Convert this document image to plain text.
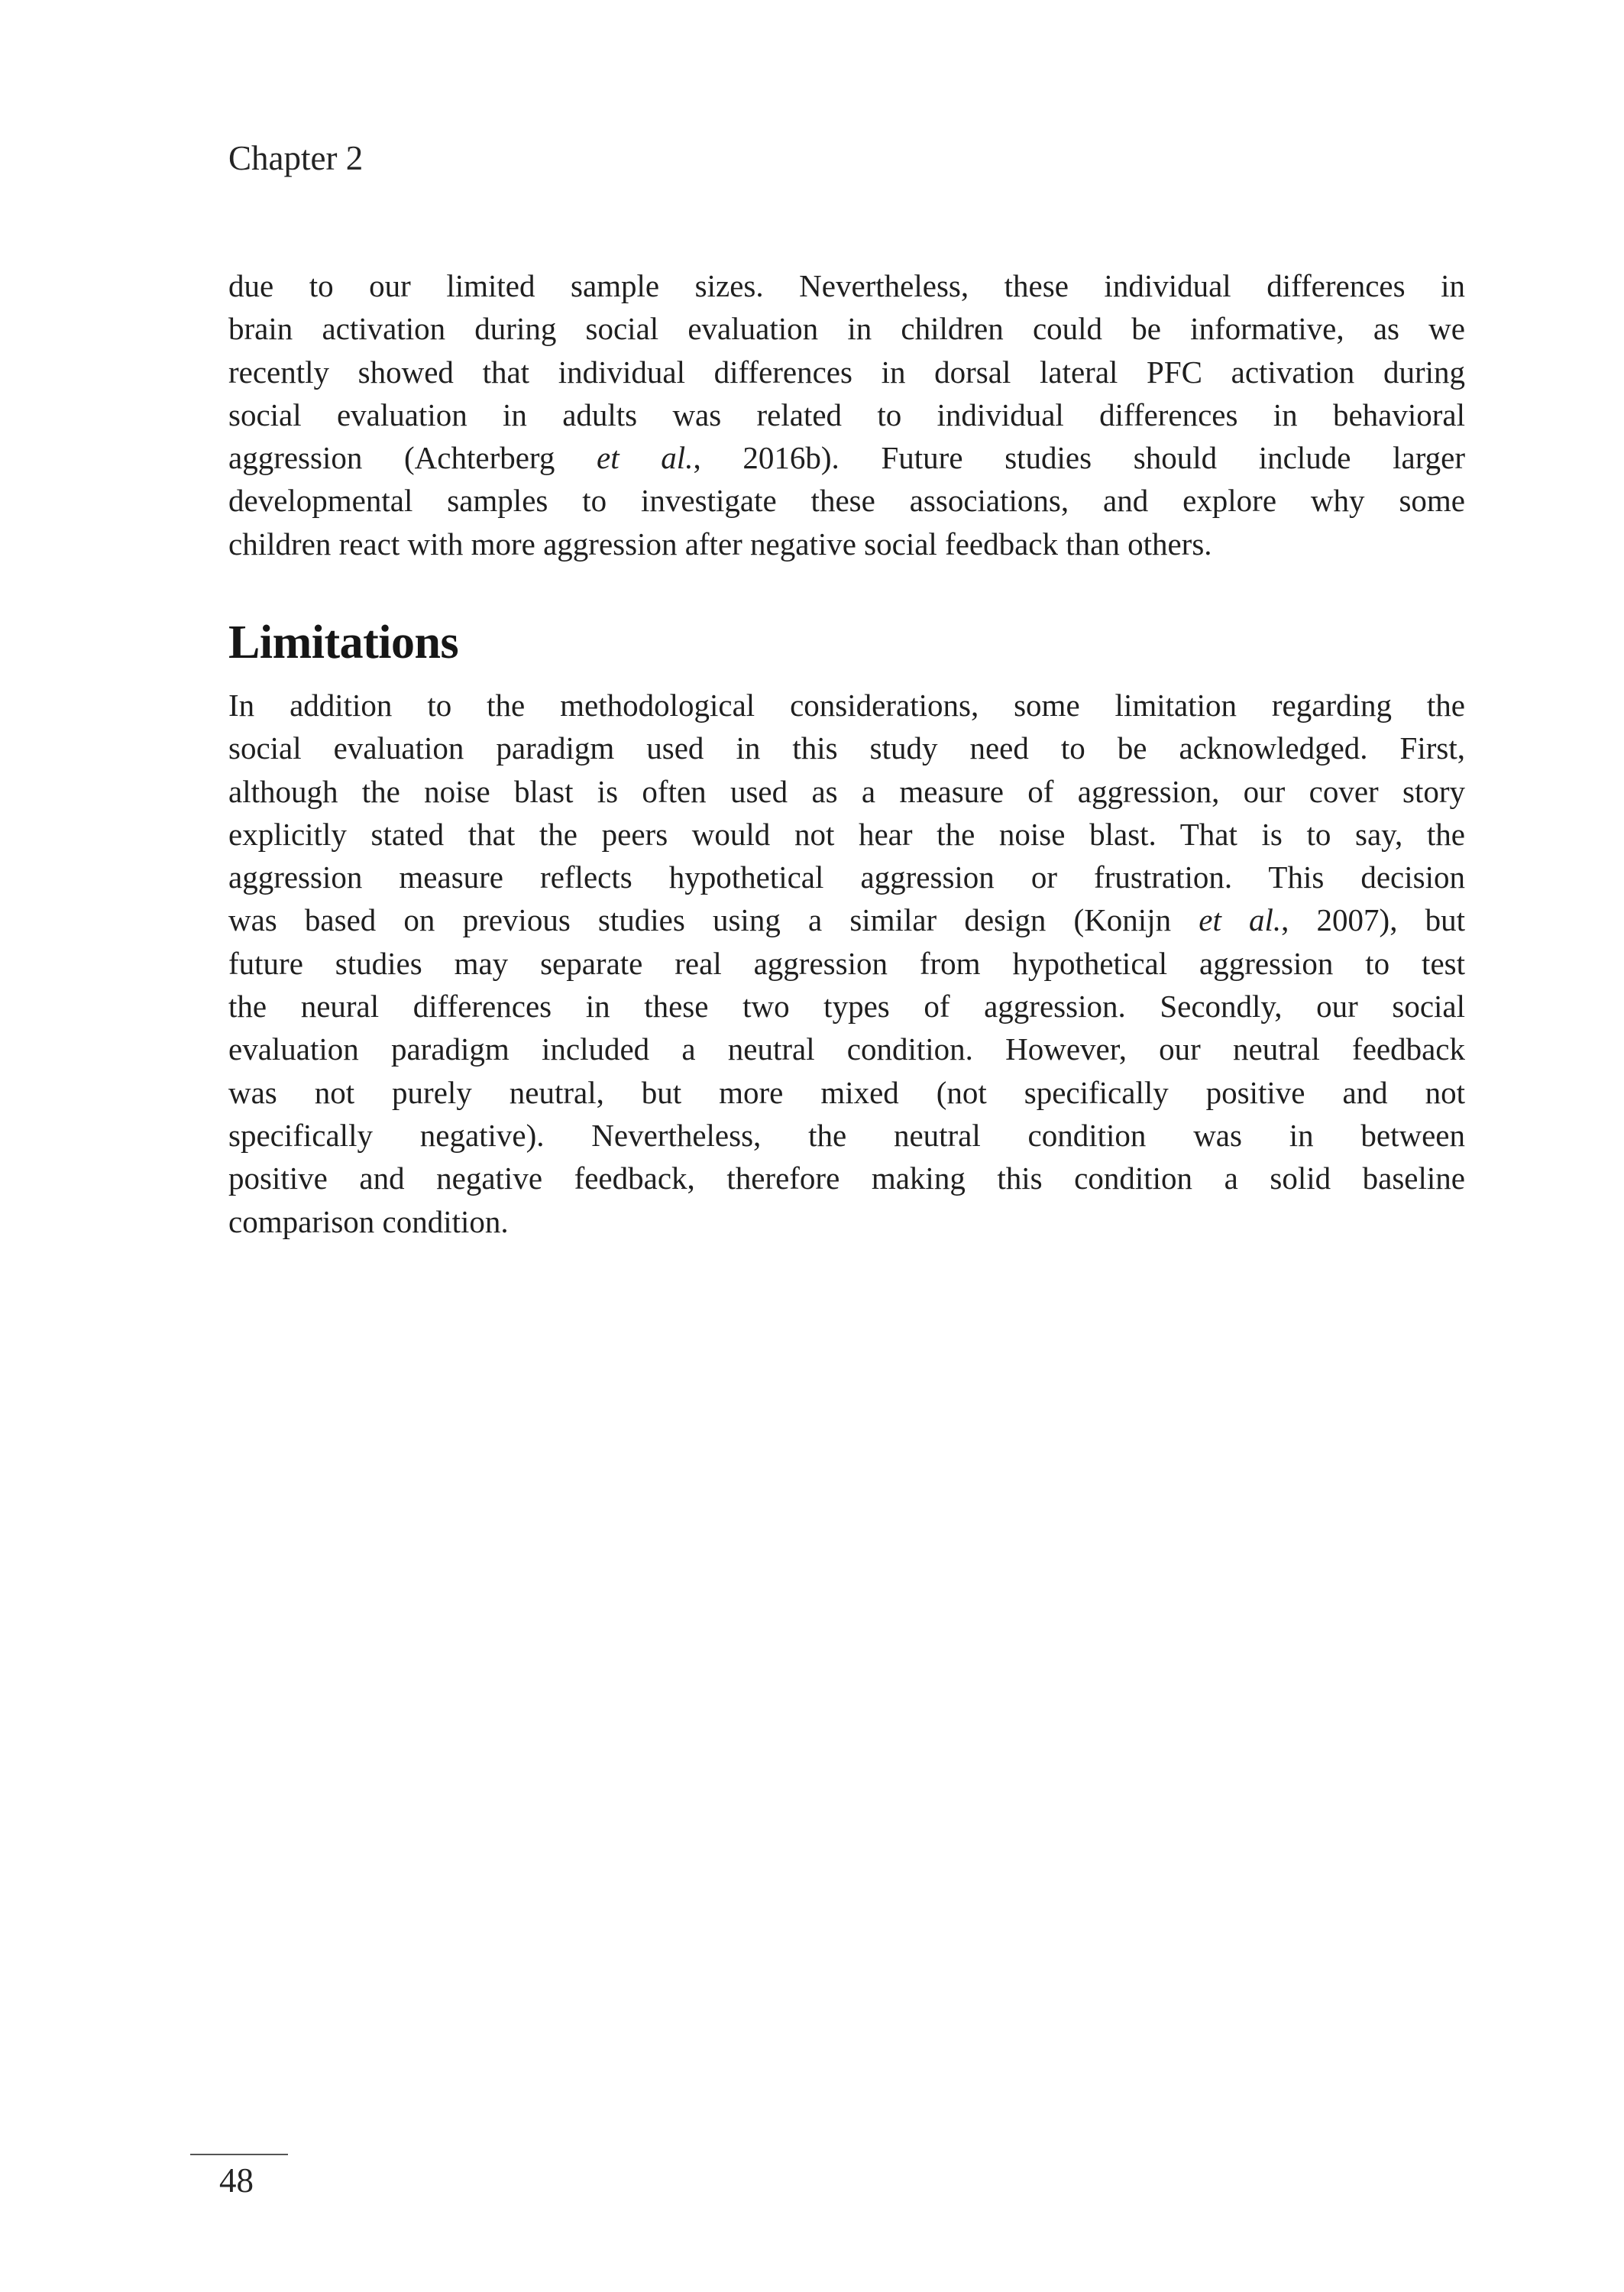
Chapter 2
due to our limited sample sizes. Nevertheless, these individual differences in
brain activation during social evaluation in children could be informative, as we
recently showed that individual differences in dorsal lateral PFC activation during
social evaluation in adults was related to individual differences in behavioral
aggression (Achterberg et al., 2016b). Future studies should include larger
developmental samples to investigate these associations, and explore why some
children react with more aggression after negative social feedback than others.
Limitations
In addition to the methodological considerations, some limitation regarding the
social evaluation paradigm used in this study need to be acknowledged. First,
although the noise blast is often used as a measure of aggression, our cover story
explicitly stated that the peers would not hear the noise blast. That is to say, the
aggression measure reflects hypothetical aggression or frustration. This decision
was based on previous studies using a similar design (Konijn et al., 2007), but
future studies may separate real aggression from hypothetical aggression to test
the neural differences in these two types of aggression. Secondly, our social
evaluation paradigm included a neutral condition. However, our neutral feedback
was not purely neutral, but more mixed (not specifically positive and not
specifically negative). Nevertheless, the neutral condition was in between
positive and negative feedback, therefore making this condition a solid baseline
comparison condition.
48
